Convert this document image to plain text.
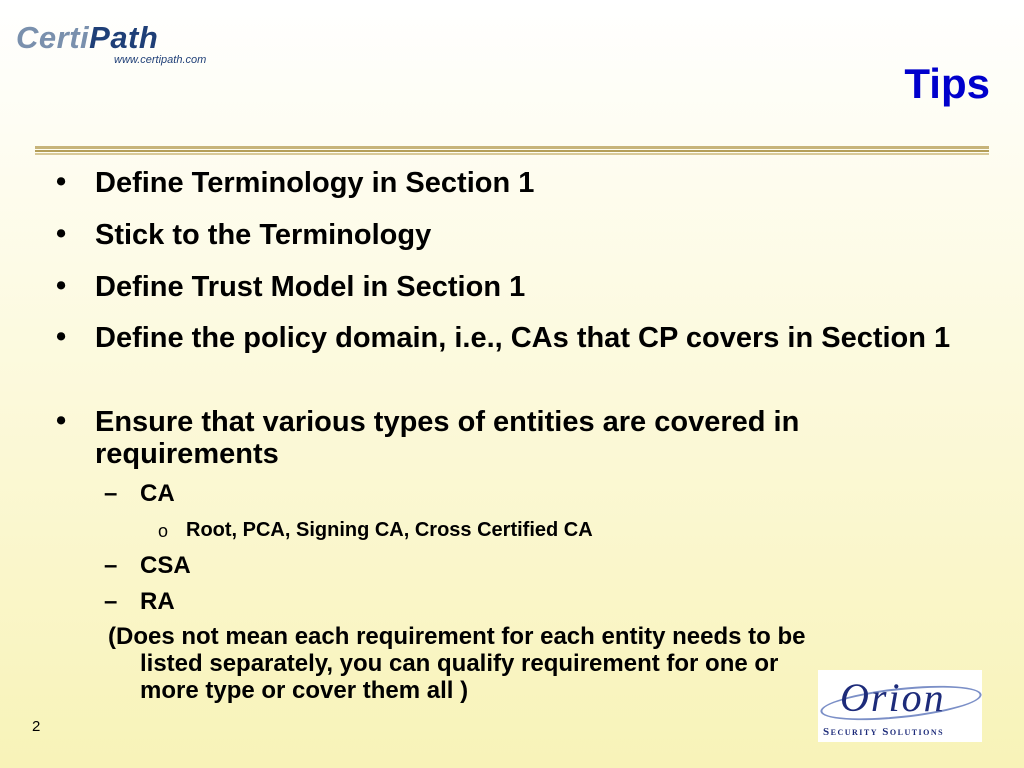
CertiPath
www.certipath.com	Tips
• Define Terminology in Section 1
• Stick to the Terminology
• Define Trust Model in Section 1
• Define the policy domain, i.e., CAs that CP covers in Section 1
• Ensure that various types of entities are covered in requirements
– CA
o Root, PCA, Signing CA, Cross Certified CA
– CSA
– RA
(Does not mean each requirement for each entity needs to be
listed separately, you can qualify requirement for one or more type or cover them all )
2
Orion
Security Solutions
